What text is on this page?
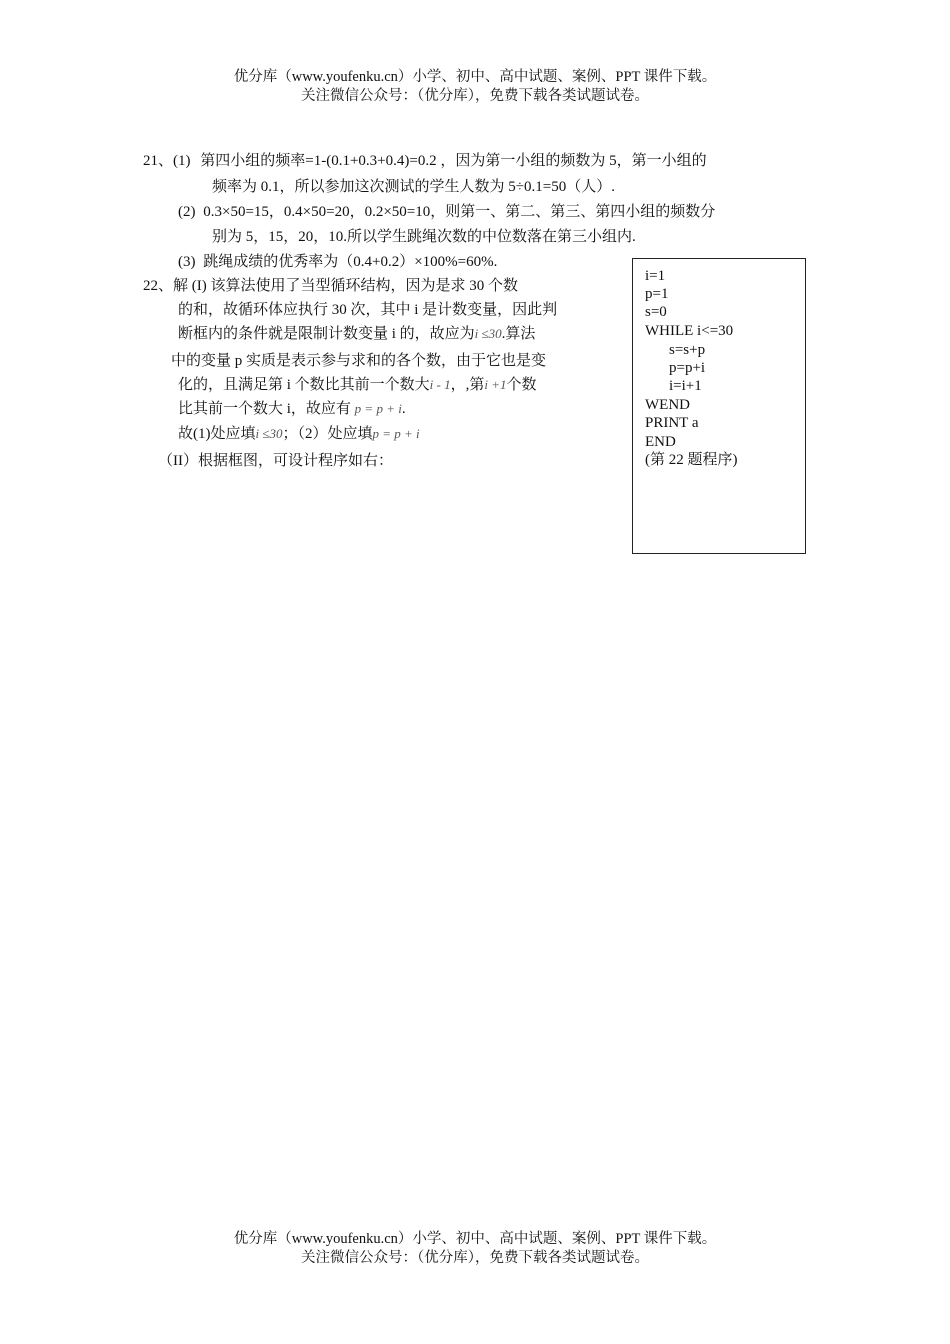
优分库（www.youfenku.cn）小学、初中、高中试题、案例、PPT 课件下载。
关注微信公众号：（优分库），免费下载各类试题试卷。
21、(1) 第四小组的频率=1-(0.1+0.3+0.4)=0.2 ，因为第一小组的频数为 5，第一小组的
频率为 0.1，所以参加这次测试的学生人数为 5÷0.1=50（人）.
(2) 0.3×50=15，0.4×50=20，0.2×50=10，则第一、第二、第三、第四小组的频数分
别为 5，15，20，10.所以学生跳绳次数的中位数落在第三小组内.
(3) 跳绳成绩的优秀率为（0.4+0.2）×100%=60%.
22、解 (I) 该算法使用了当型循环结构，因为是求 30 个数
的和，故循环体应执行 30 次，其中 i 是计数变量，因此判
断框内的条件就是限制计数变量 i 的，故应为i ≤30.算法
中的变量 p 实质是表示参与求和的各个数，由于它也是变
化的，且满足第 i 个数比其前一个数大i - 1，,第i +1个数
比其前一个数大 i，故应有 p = p + i.
故(1)处应填i ≤30；（2）处应填p = p + i
（II）根据框图，可设计程序如右：
i=1
p=1
s=0
WHILE i<=30
s=s+p
p=p+i
i=i+1
WEND
PRINT a
END
(第 22 题程序)
优分库（www.youfenku.cn）小学、初中、高中试题、案例、PPT 课件下载。
关注微信公众号：（优分库），免费下载各类试题试卷。
